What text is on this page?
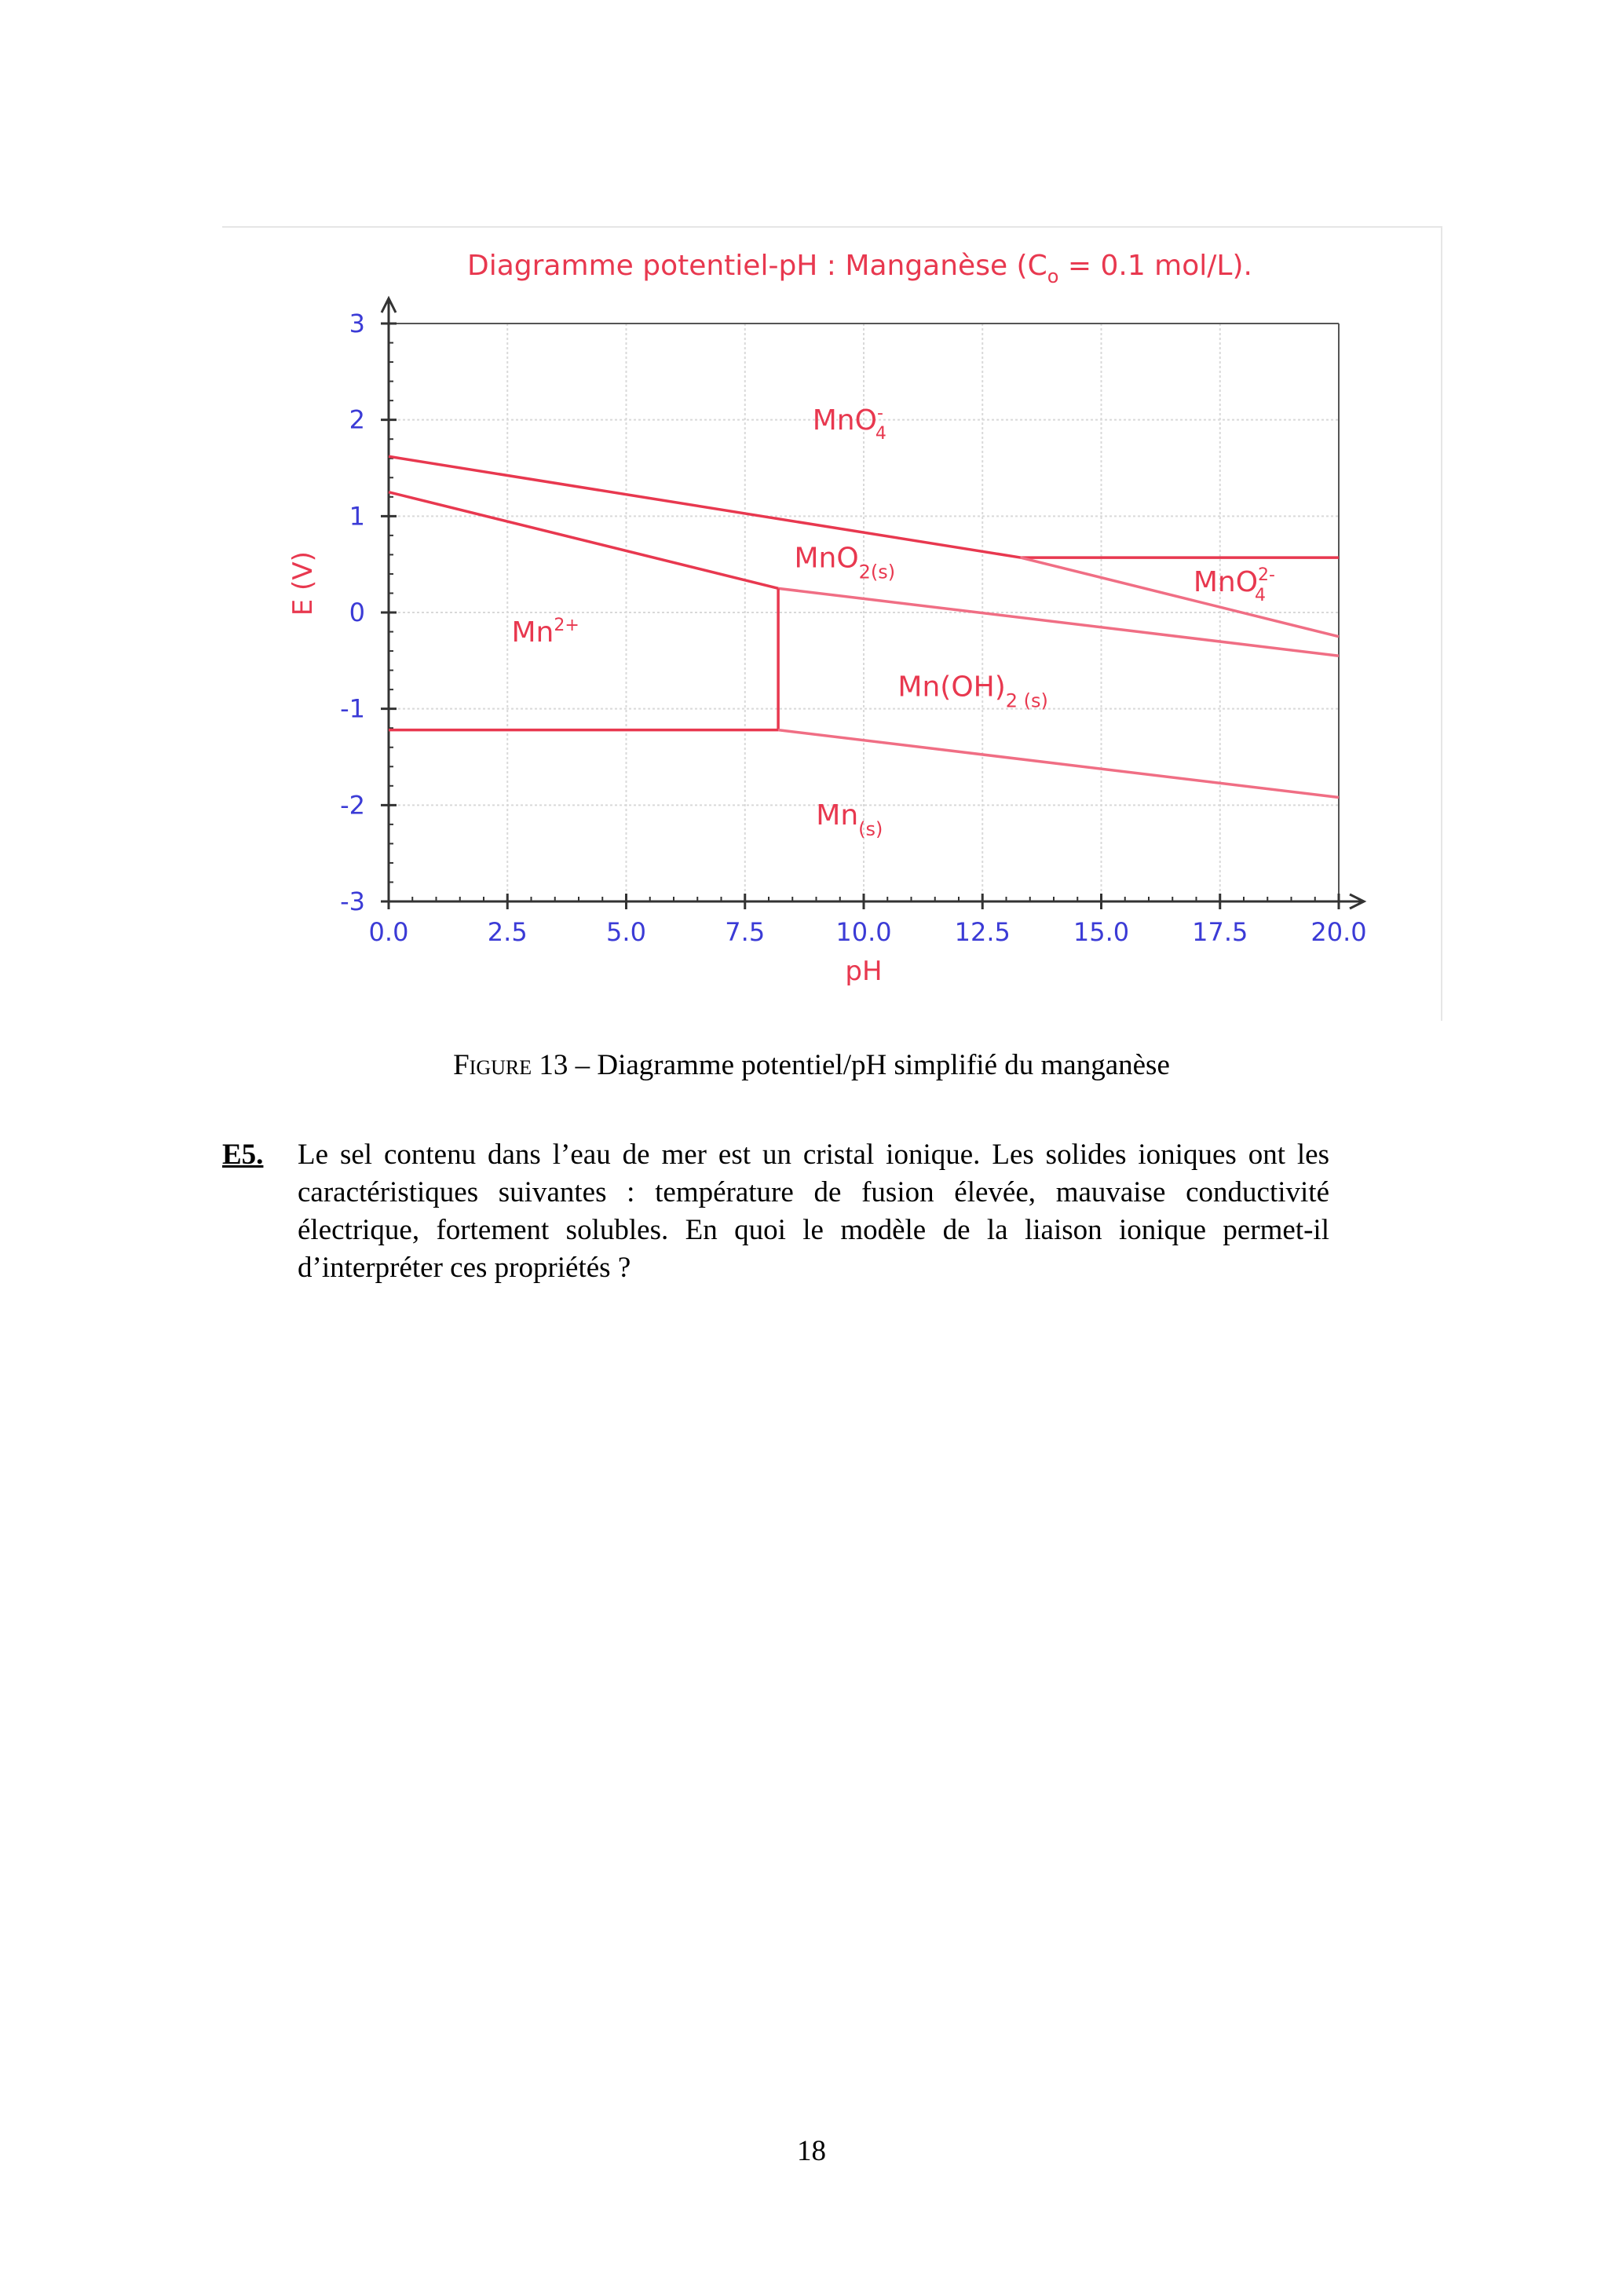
Diagramme potentiel-pH : Manganèse ($C_o = 0.1$ mol/L).
0.0	2.5	5.0	7.5	10.0	12.5	15.0	17.5	20.0
3
2
1
0
-1
-2
-3
pH
E (V)
MnO-4
MnO$_{2(s)}$	MnO$^{2-}$4
$Mn^{2+}$
$Mn(OH)_{2 (s)}$
$Mn_{(s)}$
Figure 13 – Diagramme potentiel/pH simplifié du manganèse
E5. Le sel contenu dans l’eau de mer est un cristal ionique. Les solides ioniques ont les caractéristiques suivantes : température de fusion élevée, mauvaise conductivité électrique, fortement solubles. En quoi le modèle de la liaison ionique permet-il d’interpréter ces propriétés ?
18
